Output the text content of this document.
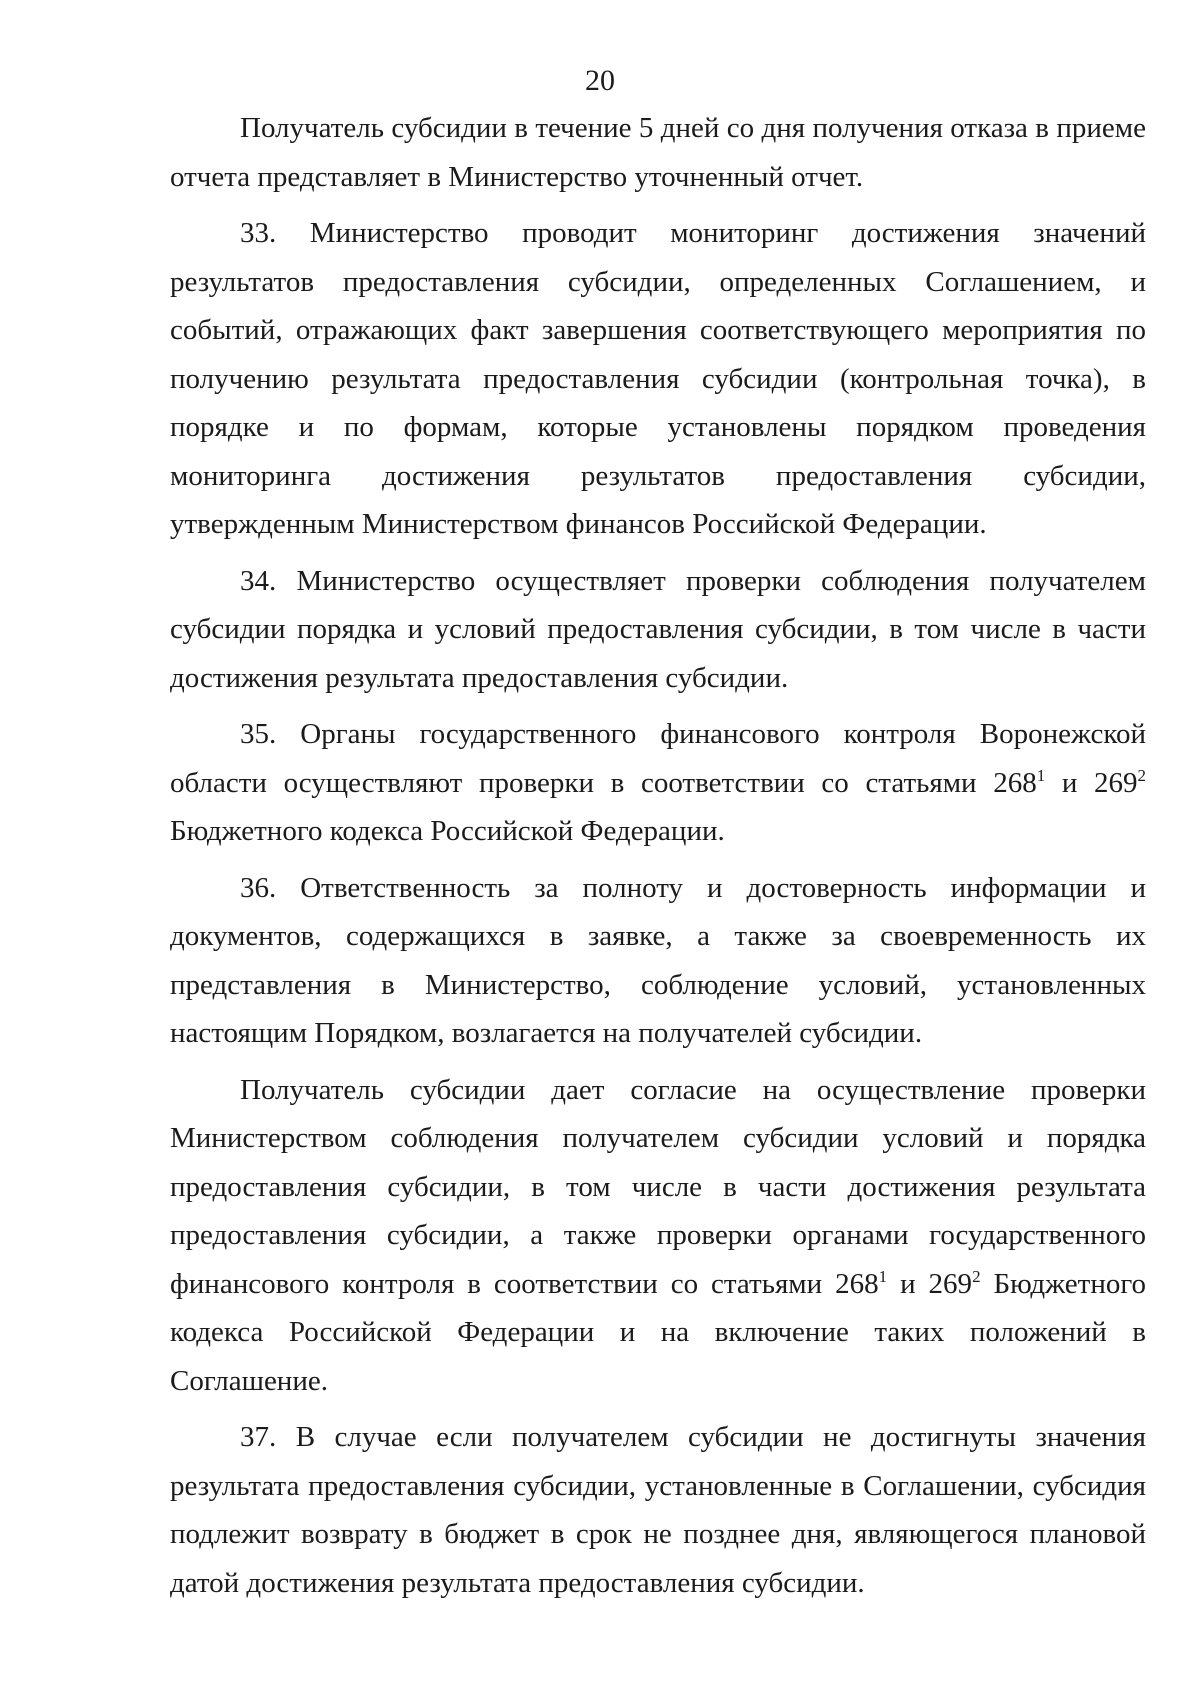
20

Получатель субсидии в течение 5 дней со дня получения отказа в приеме отчета представляет в Министерство уточненный отчет.

33. Министерство проводит мониторинг достижения значений результатов предоставления субсидии, определенных Соглашением, и событий, отражающих факт завершения соответствующего мероприятия по получению результата предоставления субсидии (контрольная точка), в порядке и по формам, которые установлены порядком проведения мониторинга достижения результатов предоставления субсидии, утвержденным Министерством финансов Российской Федерации.

34. Министерство осуществляет проверки соблюдения получателем субсидии порядка и условий предоставления субсидии, в том числе в части достижения результата предоставления субсидии.

35. Органы государственного финансового контроля Воронежской области осуществляют проверки в соответствии со статьями $268^1$ и $269^2$ Бюджетного кодекса Российской Федерации.

36. Ответственность за полноту и достоверность информации и документов, содержащихся в заявке, а также за своевременность их представления в Министерство, соблюдение условий, установленных настоящим Порядком, возлагается на получателей субсидии.

Получатель субсидии дает согласие на осуществление проверки Министерством соблюдения получателем субсидии условий и порядка предоставления субсидии, в том числе в части достижения результата предоставления субсидии, а также проверки органами государственного финансового контроля в соответствии со статьями $268^1$ и $269^2$ Бюджетного кодекса Российской Федерации и на включение таких положений в Соглашение.

37. В случае если получателем субсидии не достигнуты значения результата предоставления субсидии, установленные в Соглашении, субсидия подлежит возврату в бюджет в срок не позднее дня, являющегося плановой датой достижения результата предоставления субсидии.
